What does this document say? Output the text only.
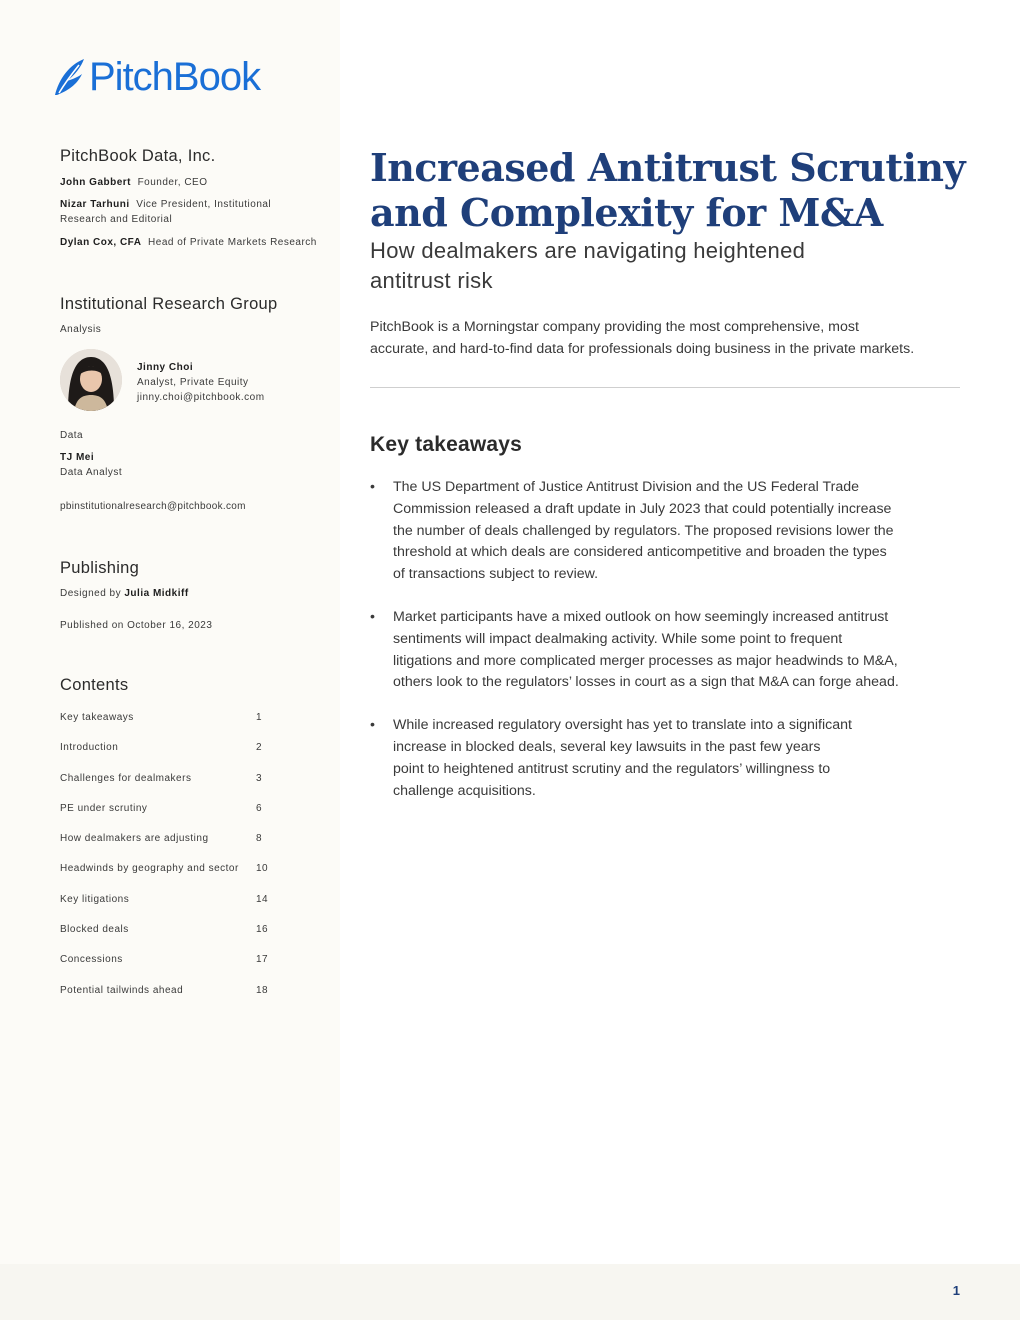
1
PitchBook
PitchBook Data, Inc.
John Gabbert Founder, CEO
Nizar Tarhuni Vice President, Institutional
Research and Editorial
Dylan Cox, CFA Head of Private Markets Research
Institutional Research Group
Analysis
Jinny Choi
Analyst, Private Equity
jinny.choi@pitchbook.com
Data
TJ Mei
Data Analyst
pbinstitutionalresearch@pitchbook.com
Publishing
Designed by Julia Midkiff
Published on October 16, 2023
Contents
Key takeaways	1
Introduction	2
Challenges for dealmakers	3
PE under scrutiny	6
How dealmakers are adjusting	8
Headwinds by geography and sector 10
Key litigations	14
Blocked deals	16
Concessions	17
Potential tailwinds ahead	18
Increased Antitrust Scrutiny
and Complexity for M&A
How dealmakers are navigating heightened
antitrust risk
PitchBook is a Morningstar company providing the most comprehensive, most
accurate, and hard-to-find data for professionals doing business in the private markets.
Key takeaways
• The US Department of Justice Antitrust Division and the US Federal Trade
Commission released a draft update in July 2023 that could potentially increase
the number of deals challenged by regulators. The proposed revisions lower the
threshold at which deals are considered anticompetitive and broaden the types
of transactions subject to review.
• Market participants have a mixed outlook on how seemingly increased antitrust
sentiments will impact dealmaking activity. While some point to frequent
litigations and more complicated merger processes as major headwinds to M&A,
others look to the regulators’ losses in court as a sign that M&A can forge ahead.
• While increased regulatory oversight has yet to translate into a significant
increase in blocked deals, several key lawsuits in the past few years
point to heightened antitrust scrutiny and the regulators’ willingness to
challenge acquisitions.
